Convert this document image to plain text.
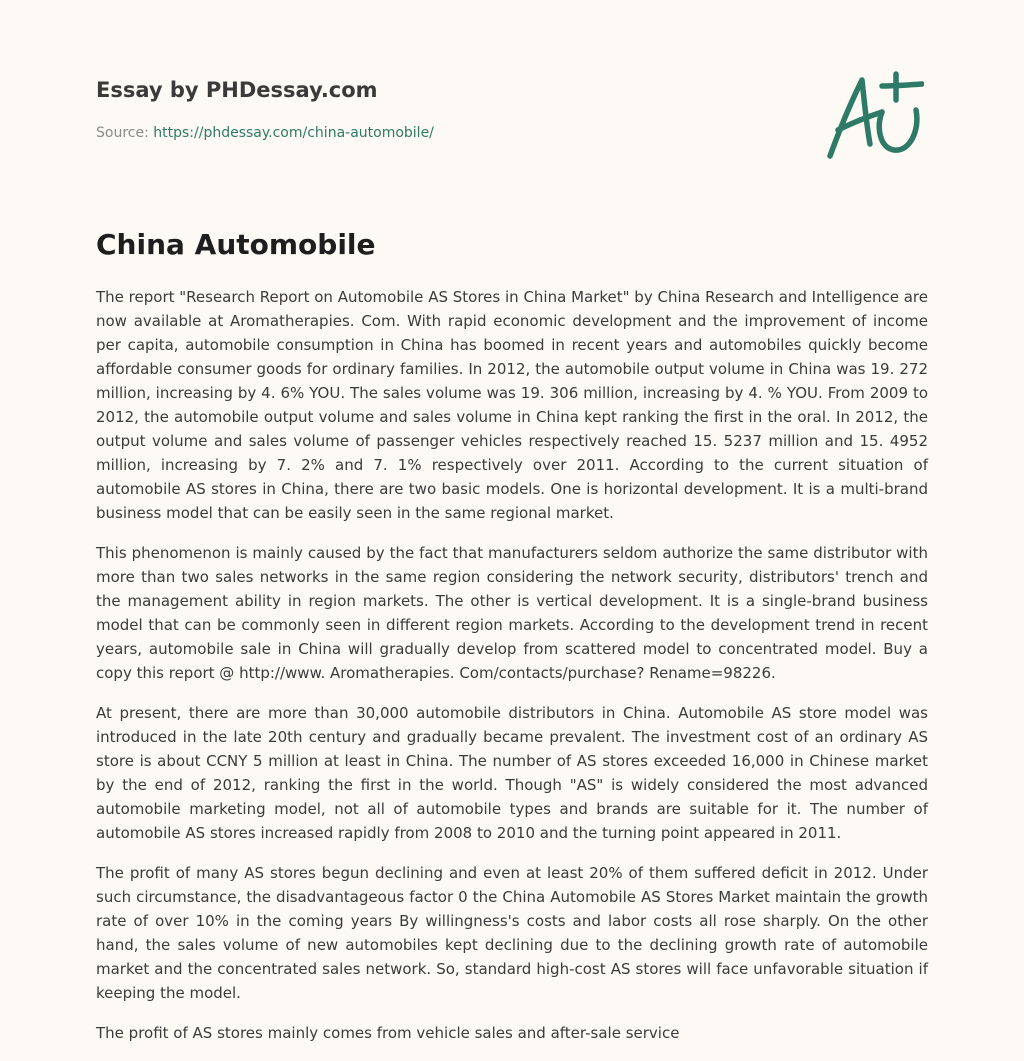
Essay by PHDessay.com
Source: https://phdessay.com/china-automobile/
China Automobile

The report "Research Report on Automobile AS Stores in China Market" by China Research and Intelligence are now available at Aromatherapies. Com. With rapid economic development and the improvement of income per capita, automobile consumption in China has boomed in recent years and automobiles quickly become affordable consumer goods for ordinary families. In 2012, the automobile output volume in China was 19. 272 million, increasing by 4. 6% YOU. The sales volume was 19. 306 million, increasing by 4. % YOU. From 2009 to 2012, the automobile output volume and sales volume in China kept ranking the first in the oral. In 2012, the output volume and sales volume of passenger vehicles respectively reached 15. 5237 million and 15. 4952 million, increasing by 7. 2% and 7. 1% respectively over 2011. According to the current situation of automobile AS stores in China, there are two basic models. One is horizontal development. It is a multi-brand business model that can be easily seen in the same regional market.

This phenomenon is mainly caused by the fact that manufacturers seldom authorize the same distributor with more than two sales networks in the same region considering the network security, distributors' trench and the management ability in region markets. The other is vertical development. It is a single-brand business model that can be commonly seen in different region markets. According to the development trend in recent years, automobile sale in China will gradually develop from scattered model to concentrated model. Buy a copy this report @ http://www. Aromatherapies. Com/contacts/purchase? Rename=98226.

At present, there are more than 30,000 automobile distributors in China. Automobile AS store model was introduced in the late 20th century and gradually became prevalent. The investment cost of an ordinary AS store is about CCNY 5 million at least in China. The number of AS stores exceeded 16,000 in Chinese market by the end of 2012, ranking the first in the world. Though "AS" is widely considered the most advanced automobile marketing model, not all of automobile types and brands are suitable for it. The number of automobile AS stores increased rapidly from 2008 to 2010 and the turning point appeared in 2011.

The profit of many AS stores begun declining and even at least 20% of them suffered deficit in 2012. Under such circumstance, the disadvantageous factor 0 the China Automobile AS Stores Market maintain the growth rate of over 10% in the coming years By willingness's costs and labor costs all rose sharply. On the other hand, the sales volume of new automobiles kept declining due to the declining growth rate of automobile market and the concentrated sales network. So, standard high-cost AS stores will face unfavorable situation if keeping the model.

The profit of AS stores mainly comes from vehicle sales and after-sale service
